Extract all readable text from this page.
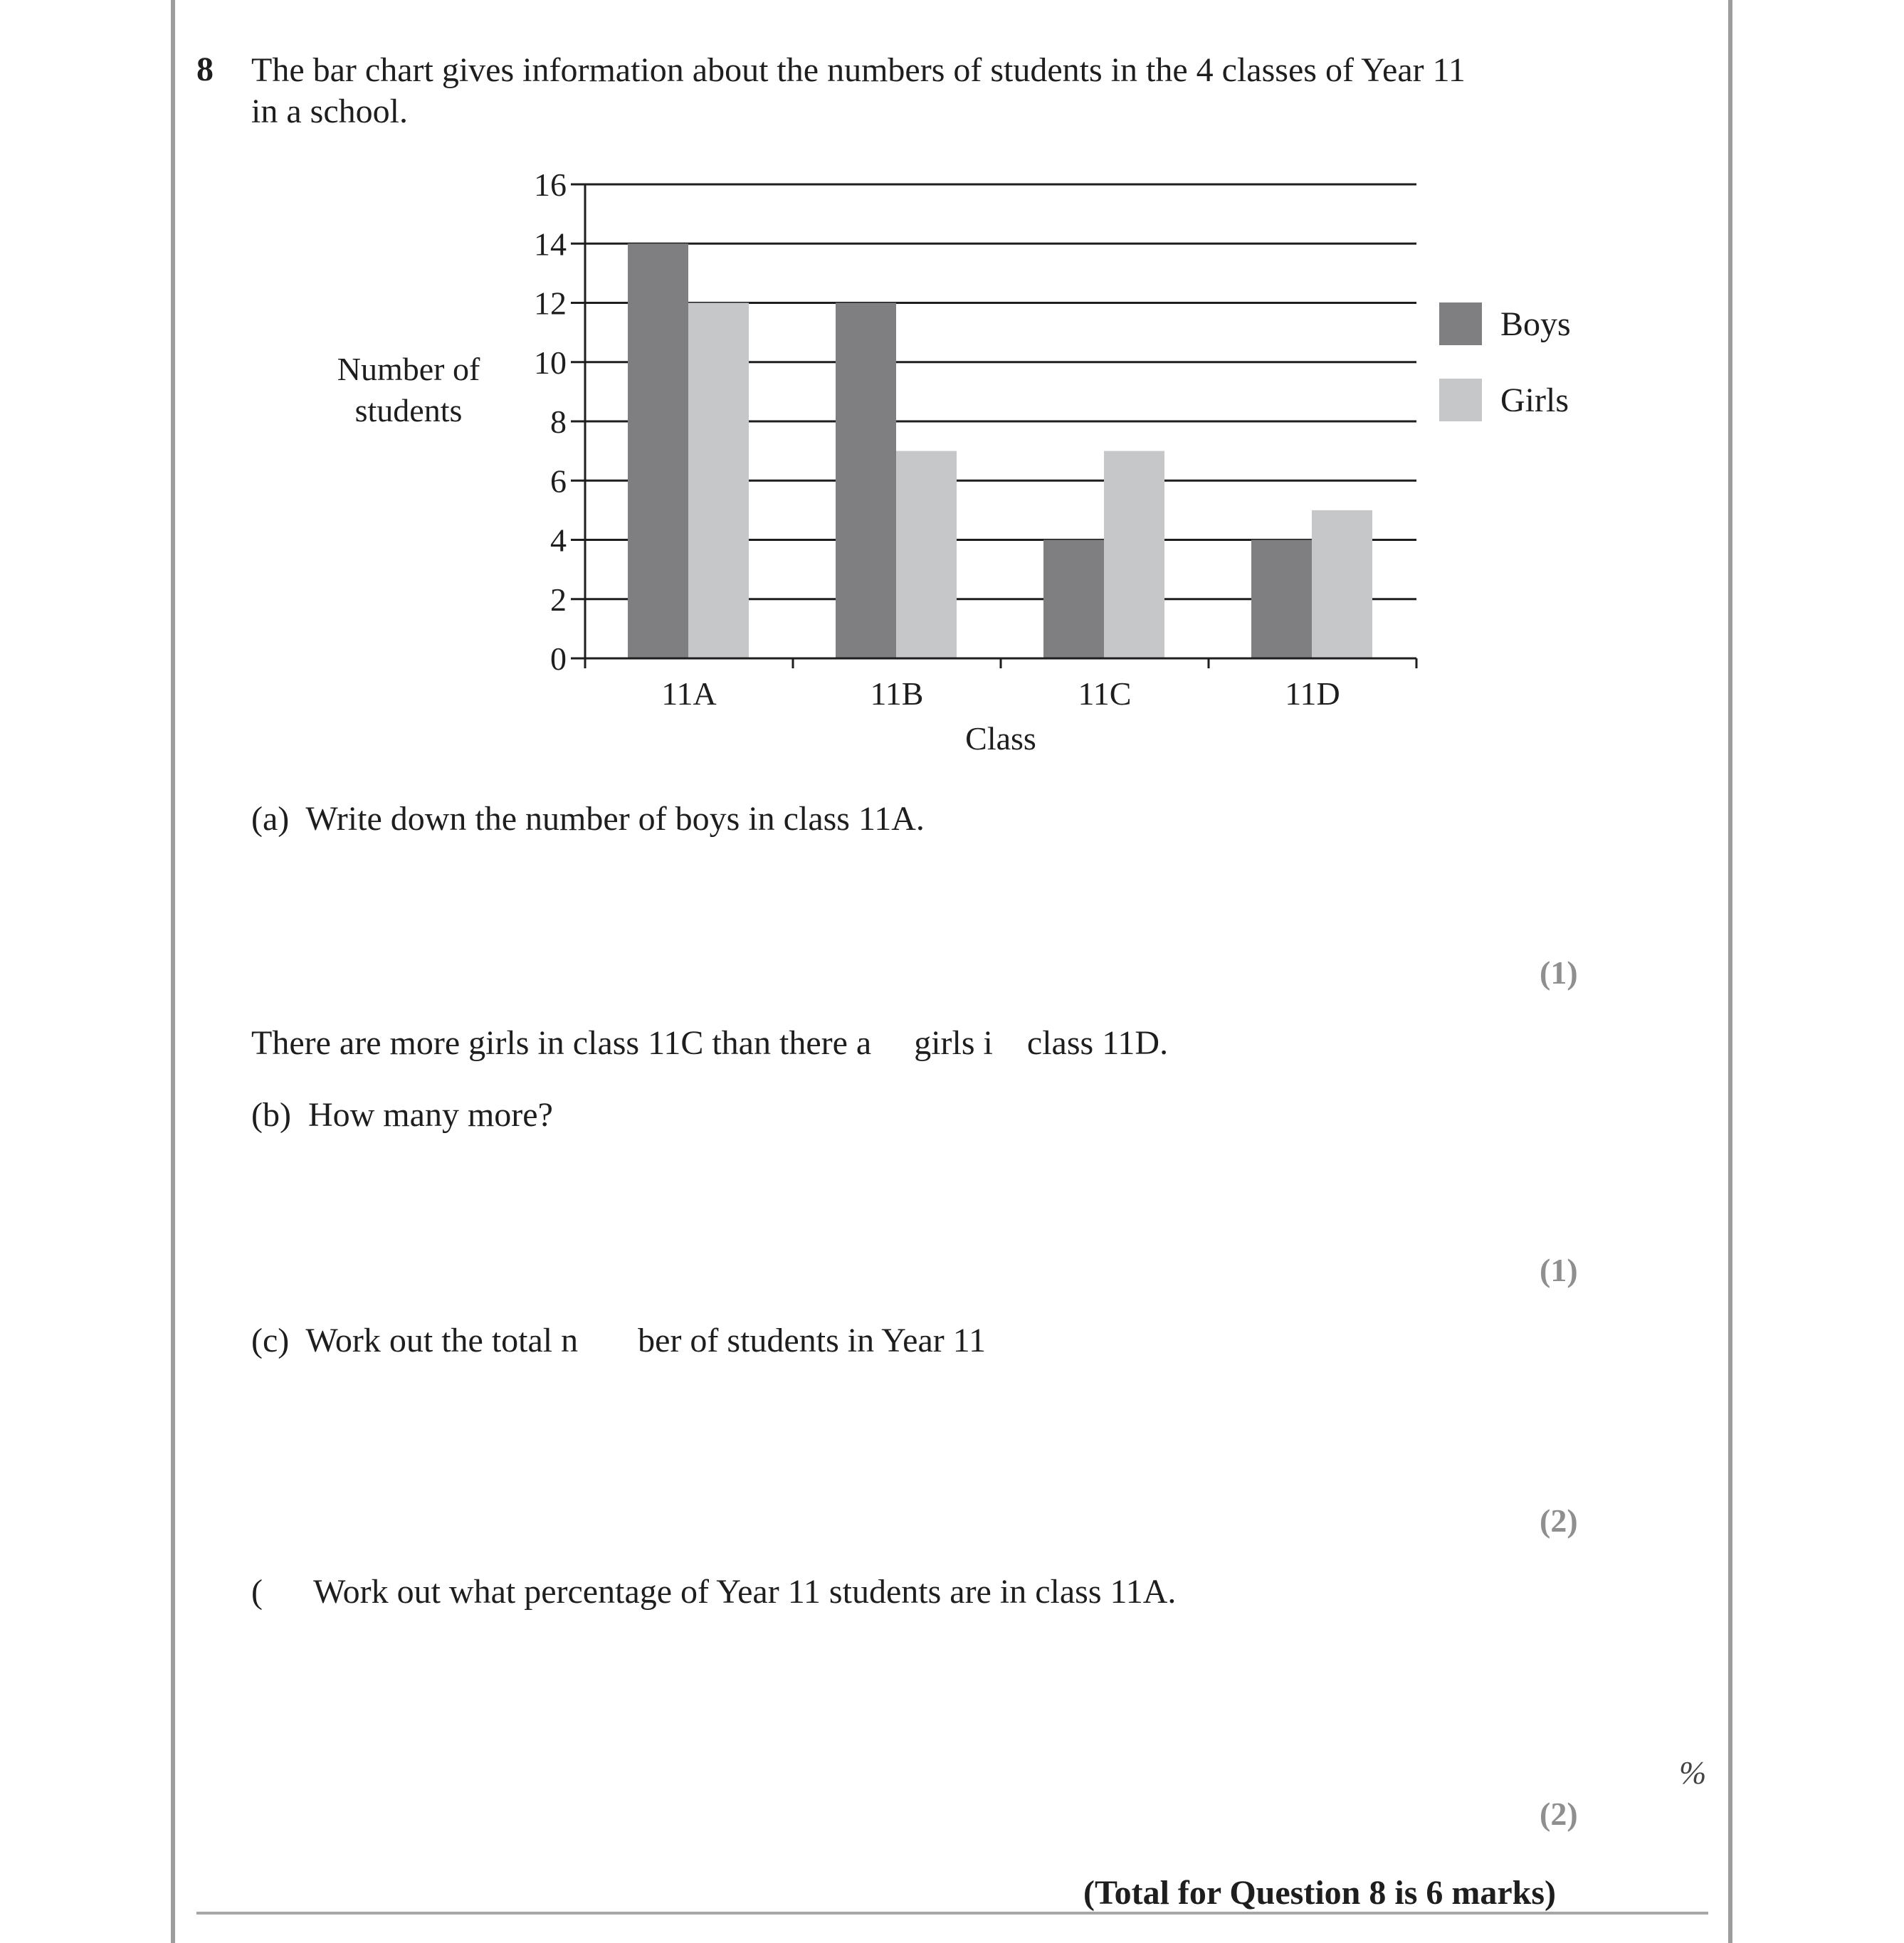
8 The bar chart gives information about the numbers of students in the 4 classes of Year 11
in a school.
0
2
4
6
8
10
12
14
16
11A	11B	11C	11D
Class
Number of
students
Boys
Girls
(a)  Write down the number of boys in class 11A.
(1)
There are more girls in class 11C than there a     girls i    class 11D.
(b)  How many more?
(1)
(c)  Work out the total n       ber of students in Year 11
(2)
(      Work out what percentage of Year 11 students are in class 11A.
%
(2)
(Total for Question 8 is 6 marks)
